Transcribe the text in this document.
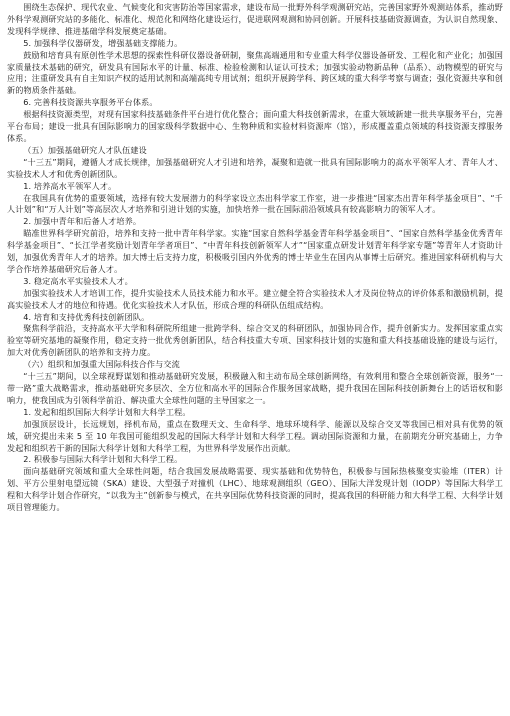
围绕生态保护、现代农业、气候变化和灾害防治等国家需求，建设布局一批野外科学观测研究站，完善国家野外观测站体系，推动野外科学观测研究站的多能化、标准化、规范化和网络化建设运行，促进联网观测和协同创新。开展科技基础资源调查，为认识自然现象、发现科学规律、推进基础学科发展奠定基础。

5. 加强科学仪器研发，增强基础支撑能力。

鼓励和培育具有原创性学术思想的探索性科研仪器设备研制，聚焦高端通用和专业重大科学仪器设备研发、工程化和产业化；加强国家质量技术基础的研究，研发具有国际水平的计量、标准、检验检测和认证认可技术；加强实验动物新品种（品系）、动物模型的研究与应用；注重研发具有自主知识产权的适用试剂和高端高纯专用试剂；组织开展跨学科、跨区域的重大科学考察与调查；强化资源共享和创新的物质条件基础。

6. 完善科技资源共享服务平台体系。

根据科技资源类型，对现有国家科技基础条件平台进行优化整合；面向重大科技创新需求，在重大领域新建一批共享服务平台，完善平台布局；建设一批具有国际影响力的国家级科学数据中心、生物种质和实验材料资源库（馆），形成覆盖重点领域的科技资源支撑服务体系。

（五）加强基础研究人才队伍建设

“十三五”期间，遵循人才成长规律，加强基础研究人才引进和培养，凝聚和造就一批具有国际影响力的高水平领军人才、青年人才、实验技术人才和优秀创新团队。

1. 培养高水平领军人才。

在我国具有优势的重要领域，选择有较大发展潜力的科学家设立杰出科学家工作室，进一步推进“国家杰出青年科学基金项目”、“千人计划”和“万人计划”等高层次人才培养和引进计划的实施，加快培养一批在国际前沿领域具有较高影响力的领军人才。

2. 加强中青年和后备人才培养。

瞄准世界科学研究前沿，培养和支持一批中青年科学家。实施“国家自然科学基金青年科学基金项目”、“国家自然科学基金优秀青年科学基金项目”、“长江学者奖励计划青年学者项目”、“中青年科技创新领军人才”“国家重点研发计划青年科学家专题”等青年人才资助计划，加强优秀青年人才的培养。加大博士后支持力度，积极吸引国内外优秀的博士毕业生在国内从事博士后研究。推进国家科研机构与大学合作培养基础研究后备人才。

3. 稳定高水平实验技术人才。

加强实验技术人才培训工作，提升实验技术人员技术能力和水平。建立健全符合实验技术人才及岗位特点的评价体系和激励机制，提高实验技术人才的地位和待遇。优化实验技术人才队伍，形成合理的科研队伍组成结构。

4. 培育和支持优秀科技创新团队。

聚焦科学前沿，支持高水平大学和科研院所组建一批跨学科、综合交叉的科研团队，加强协同合作，提升创新实力。发挥国家重点实验室等研究基地的凝聚作用，稳定支持一批优秀创新团队，结合科技重大专项、国家科技计划的实施和重大科技基础设施的建设与运行，加大对优秀创新团队的培养和支持力度。

（六）组织和加强重大国际科技合作与交流

“十三五”期间，以全球视野谋划和推动基础研究发展，积极融入和主动布局全球创新网络，有效利用和整合全球创新资源，服务“一带一路”重大战略需求，推动基础研究多层次、全方位和高水平的国际合作服务国家战略，提升我国在国际科技创新舞台上的话语权和影响力，使我国成为引领科学前沿、解决重大全球性问题的主导国家之一。

1. 发起和组织国际大科学计划和大科学工程。

加强顶层设计，长远规划，择机布局，重点在数理天文、生命科学、地球环境科学、能源以及综合交叉等我国已相对具有优势的领域，研究提出未来 5 至 10 年我国可能组织发起的国际大科学计划和大科学工程。调动国际资源和力量，在前期充分研究基础上，力争发起和组织若干新的国际大科学计划和大科学工程，为世界科学发展作出贡献。

2. 积极参与国际大科学计划和大科学工程。

面向基础研究领域和重大全球性问题，结合我国发展战略需要、现实基础和优势特色，积极参与国际热核聚变实验堆（ITER）计划、平方公里射电望远镜（SKA）建设、大型强子对撞机（LHC）、地球观测组织（GEO）、国际大洋发现计划（IODP）等国际大科学工程和大科学计划合作研究，“以我为主”创新参与模式，在共享国际优势科技资源的同时，提高我国的科研能力和大科学工程、大科学计划项目管理能力。
